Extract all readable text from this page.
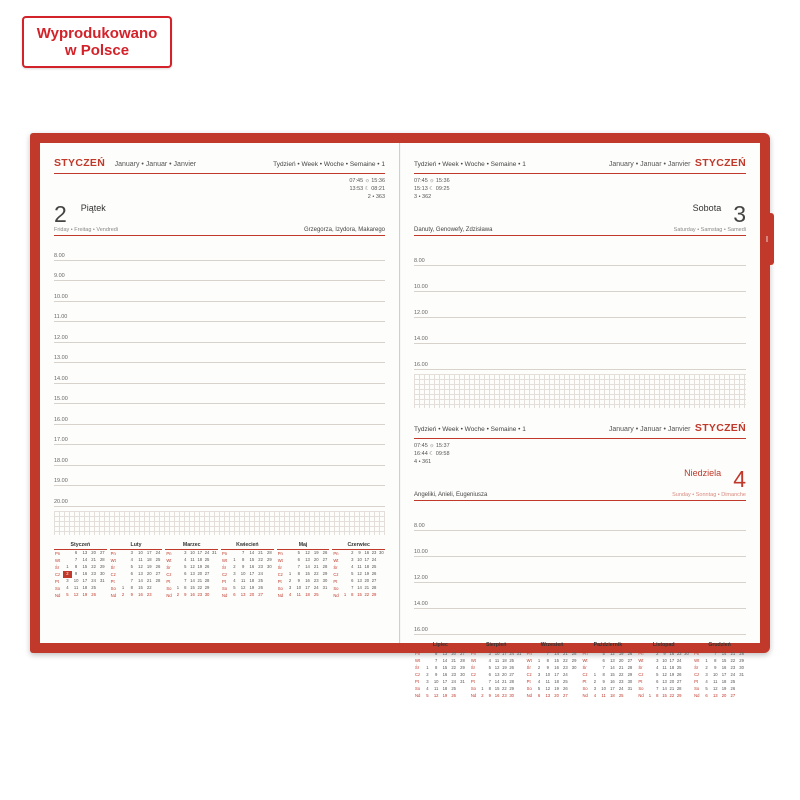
Wyprodukowano
w Polsce
STYCZEŃ January • Januar • Janvier	Tydzień • Week • Woche • Semaine • 1
07:45 ☼ 15:36
13:53 ☾ 08:21
2 • 363
2 Piątek
Friday • Freitag • Vendredi	Grzegorza, Izydora, Makarego
8.00
9.00
10.00
11.00
12.00
13.00
14.00
15.00
16.00
17.00
18.00
19.00
20.00
Styczeń	Luty	Marzec	Kwiecień	Maj	Czerwiec
Pn		6	13	20	27
Wt		7	14	21	28
Śr	1	8	15	22	29
Cz	2	9	16	23	30
Pt	3	10	17	24	31
So	4	11	18	25	
Nd	5	12	19	26	
Pn		3	10	17	24
Wt		4	11	18	25
Śr		5	12	19	26
Cz		6	13	20	27
Pt		7	14	21	28
So	1	8	15	22	
Nd	2	9	16	23	
Pn		3	10	17	24	31
Wt		4	11	18	25	
Śr		5	12	19	26	
Cz		6	13	20	27	
Pt		7	14	21	28	
So	1	8	15	22	29	
Nd	2	9	16	23	30	
Pn		7	14	21	28
Wt	1	8	15	22	29
Śr	2	9	16	23	30
Cz	3	10	17	24	
Pt	4	11	18	25	
So	5	12	19	26	
Nd	6	13	20	27	
Pn		5	12	19	26
Wt		6	13	20	27
Śr		7	14	21	28
Cz	1	8	15	22	29
Pt	2	9	16	23	30
So	3	10	17	24	31
Nd	4	11	18	25	
Pn		2	9	16	23	30
Wt		3	10	17	24	
Śr		4	11	18	25	
Cz		5	12	19	26	
Pt		6	13	20	27	
So		7	14	21	28	
Nd	1	8	15	22	29	
I
Tydzień • Week • Woche • Semaine • 1	January • Januar • Janvier STYCZEŃ
07:45 ☼ 15:36
15:13 ☾ 09:25
3 • 362
Sobota 3
Danuty, Genowefy, Zdzisława	Saturday • Samstag • Samedi
8.00
10.00
12.00
14.00
16.00
Tydzień • Week • Woche • Semaine • 1	January • Januar • Janvier STYCZEŃ
07:45 ☼ 15:37
16:44 ☾ 09:58
4 • 361
Niedziela 4
Angeliki, Anieli, Eugeniusza	Sunday • Sonntag • Dimanche
8.00
10.00
12.00
14.00
16.00
Lipiec	Sierpień	Wrzesień	Październik	Listopad	Grudzień
Pn		6	13	20	27
Wt		7	14	21	28
Śr	1	8	15	22	29
Cz	2	9	16	23	30
Pt	3	10	17	24	31
So	4	11	18	25	
Nd	5	12	19	26	
Pn		3	10	17	24	31
Wt		4	11	18	25	
Śr		5	12	19	26	
Cz		6	13	20	27	
Pt		7	14	21	28	
So	1	8	15	22	29	
Nd	2	9	16	23	30	
Pn		7	14	21	28
Wt	1	8	15	22	29
Śr	2	9	16	23	30
Cz	3	10	17	24	
Pt	4	11	18	25	
So	5	12	19	26	
Nd	6	13	20	27	
Pn		5	12	19	26
Wt		6	13	20	27
Śr		7	14	21	28
Cz	1	8	15	22	29
Pt	2	9	16	23	30
So	3	10	17	24	31
Nd	4	11	18	25	
Pn		2	9	16	23	30
Wt		3	10	17	24	
Śr		4	11	18	25	
Cz		5	12	19	26	
Pt		6	13	20	27	
So		7	14	21	28	
Nd	1	8	15	22	29	
Pn		7	14	21	28
Wt	1	8	15	22	29
Śr	2	9	16	23	30
Cz	3	10	17	24	31
Pt	4	11	18	25	
So	5	12	19	26	
Nd	6	13	20	27	
